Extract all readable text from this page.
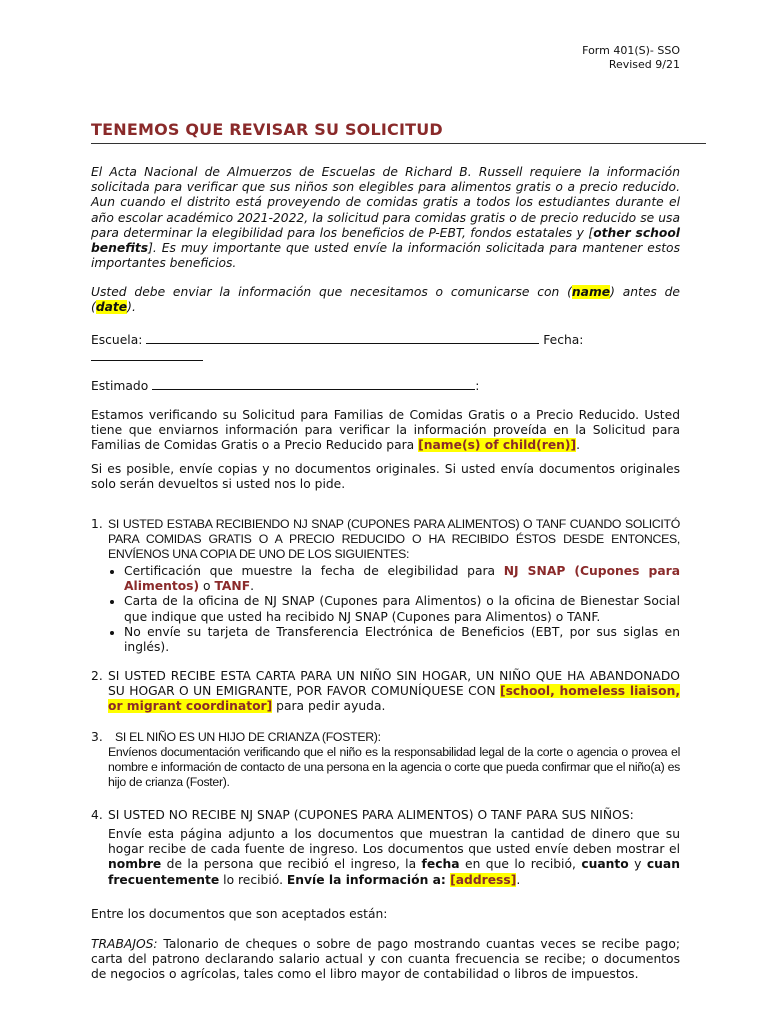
Form 401(S)- SSO
Revised 9/21
TENEMOS QUE REVISAR SU SOLICITUD
El Acta Nacional de Almuerzos de Escuelas de Richard B. Russell requiere la información solicitada para verificar que sus niños son elegibles para alimentos gratis o a precio reducido. Aun cuando el distrito está proveyendo de comidas gratis a todos los estudiantes durante el año escolar académico 2021-2022, la solicitud para comidas gratis o de precio reducido se usa para determinar la elegibilidad para los beneficios de P-EBT, fondos estatales y [other school benefits]. Es muy importante que usted envíe la información solicitada para mantener estos importantes beneficios.
Usted debe enviar la información que necesitamos o comunicarse con (name) antes de (date).
Escuela:	Fecha:

Estimado	:
Estamos verificando su Solicitud para Familias de Comidas Gratis o a Precio Reducido. Usted tiene que enviarnos información para verificar la información proveída en la Solicitud para Familias de Comidas Gratis o a Precio Reducido para [name(s) of child(ren)].
Si es posible, envíe copias y no documentos originales. Si usted envía documentos originales solo serán devueltos si usted nos lo pide.
1. SI USTED ESTABA RECIBIENDO NJ SNAP (CUPONES PARA ALIMENTOS) O TANF CUANDO SOLICITÓ PARA COMIDAS GRATIS O A PRECIO REDUCIDO O HA RECIBIDO ÉSTOS DESDE ENTONCES, ENVÍENOS UNA COPIA DE UNO DE LOS SIGUIENTES:
• Certificación que muestre la fecha de elegibilidad para NJ SNAP (Cupones para Alimentos) o TANF.
• Carta de la oficina de NJ SNAP (Cupones para Alimentos) o la oficina de Bienestar Social que indique que usted ha recibido NJ SNAP (Cupones para Alimentos) o TANF.
• No envíe su tarjeta de Transferencia Electrónica de Beneficios (EBT, por sus siglas en inglés).
2. SI USTED RECIBE ESTA CARTA PARA UN NIÑO SIN HOGAR, UN NIÑO QUE HA ABANDONADO SU HOGAR O UN EMIGRANTE, POR FAVOR COMUNÍQUESE CON [school, homeless liaison, or migrant coordinator] para pedir ayuda.
3. SI EL NIÑO ES UN HIJO DE CRIANZA (FOSTER):
Envíenos documentación verificando que el niño es la responsabilidad legal de la corte o agencia o provea el nombre e información de contacto de una persona en la agencia o corte que pueda confirmar que el niño(a) es hijo de crianza (Foster).
4. SI USTED NO RECIBE NJ SNAP (CUPONES PARA ALIMENTOS) O TANF PARA SUS NIÑOS:
Envíe esta página adjunto a los documentos que muestran la cantidad de dinero que su hogar recibe de cada fuente de ingreso. Los documentos que usted envíe deben mostrar el nombre de la persona que recibió el ingreso, la fecha en que lo recibió, cuanto y cuan frecuentemente lo recibió. Envíe la información a: [address].
Entre los documentos que son aceptados están:
TRABAJOS: Talonario de cheques o sobre de pago mostrando cuantas veces se recibe pago; carta del patrono declarando salario actual y con cuanta frecuencia se recibe; o documentos de negocios o agrícolas, tales como el libro mayor de contabilidad o libros de impuestos.
